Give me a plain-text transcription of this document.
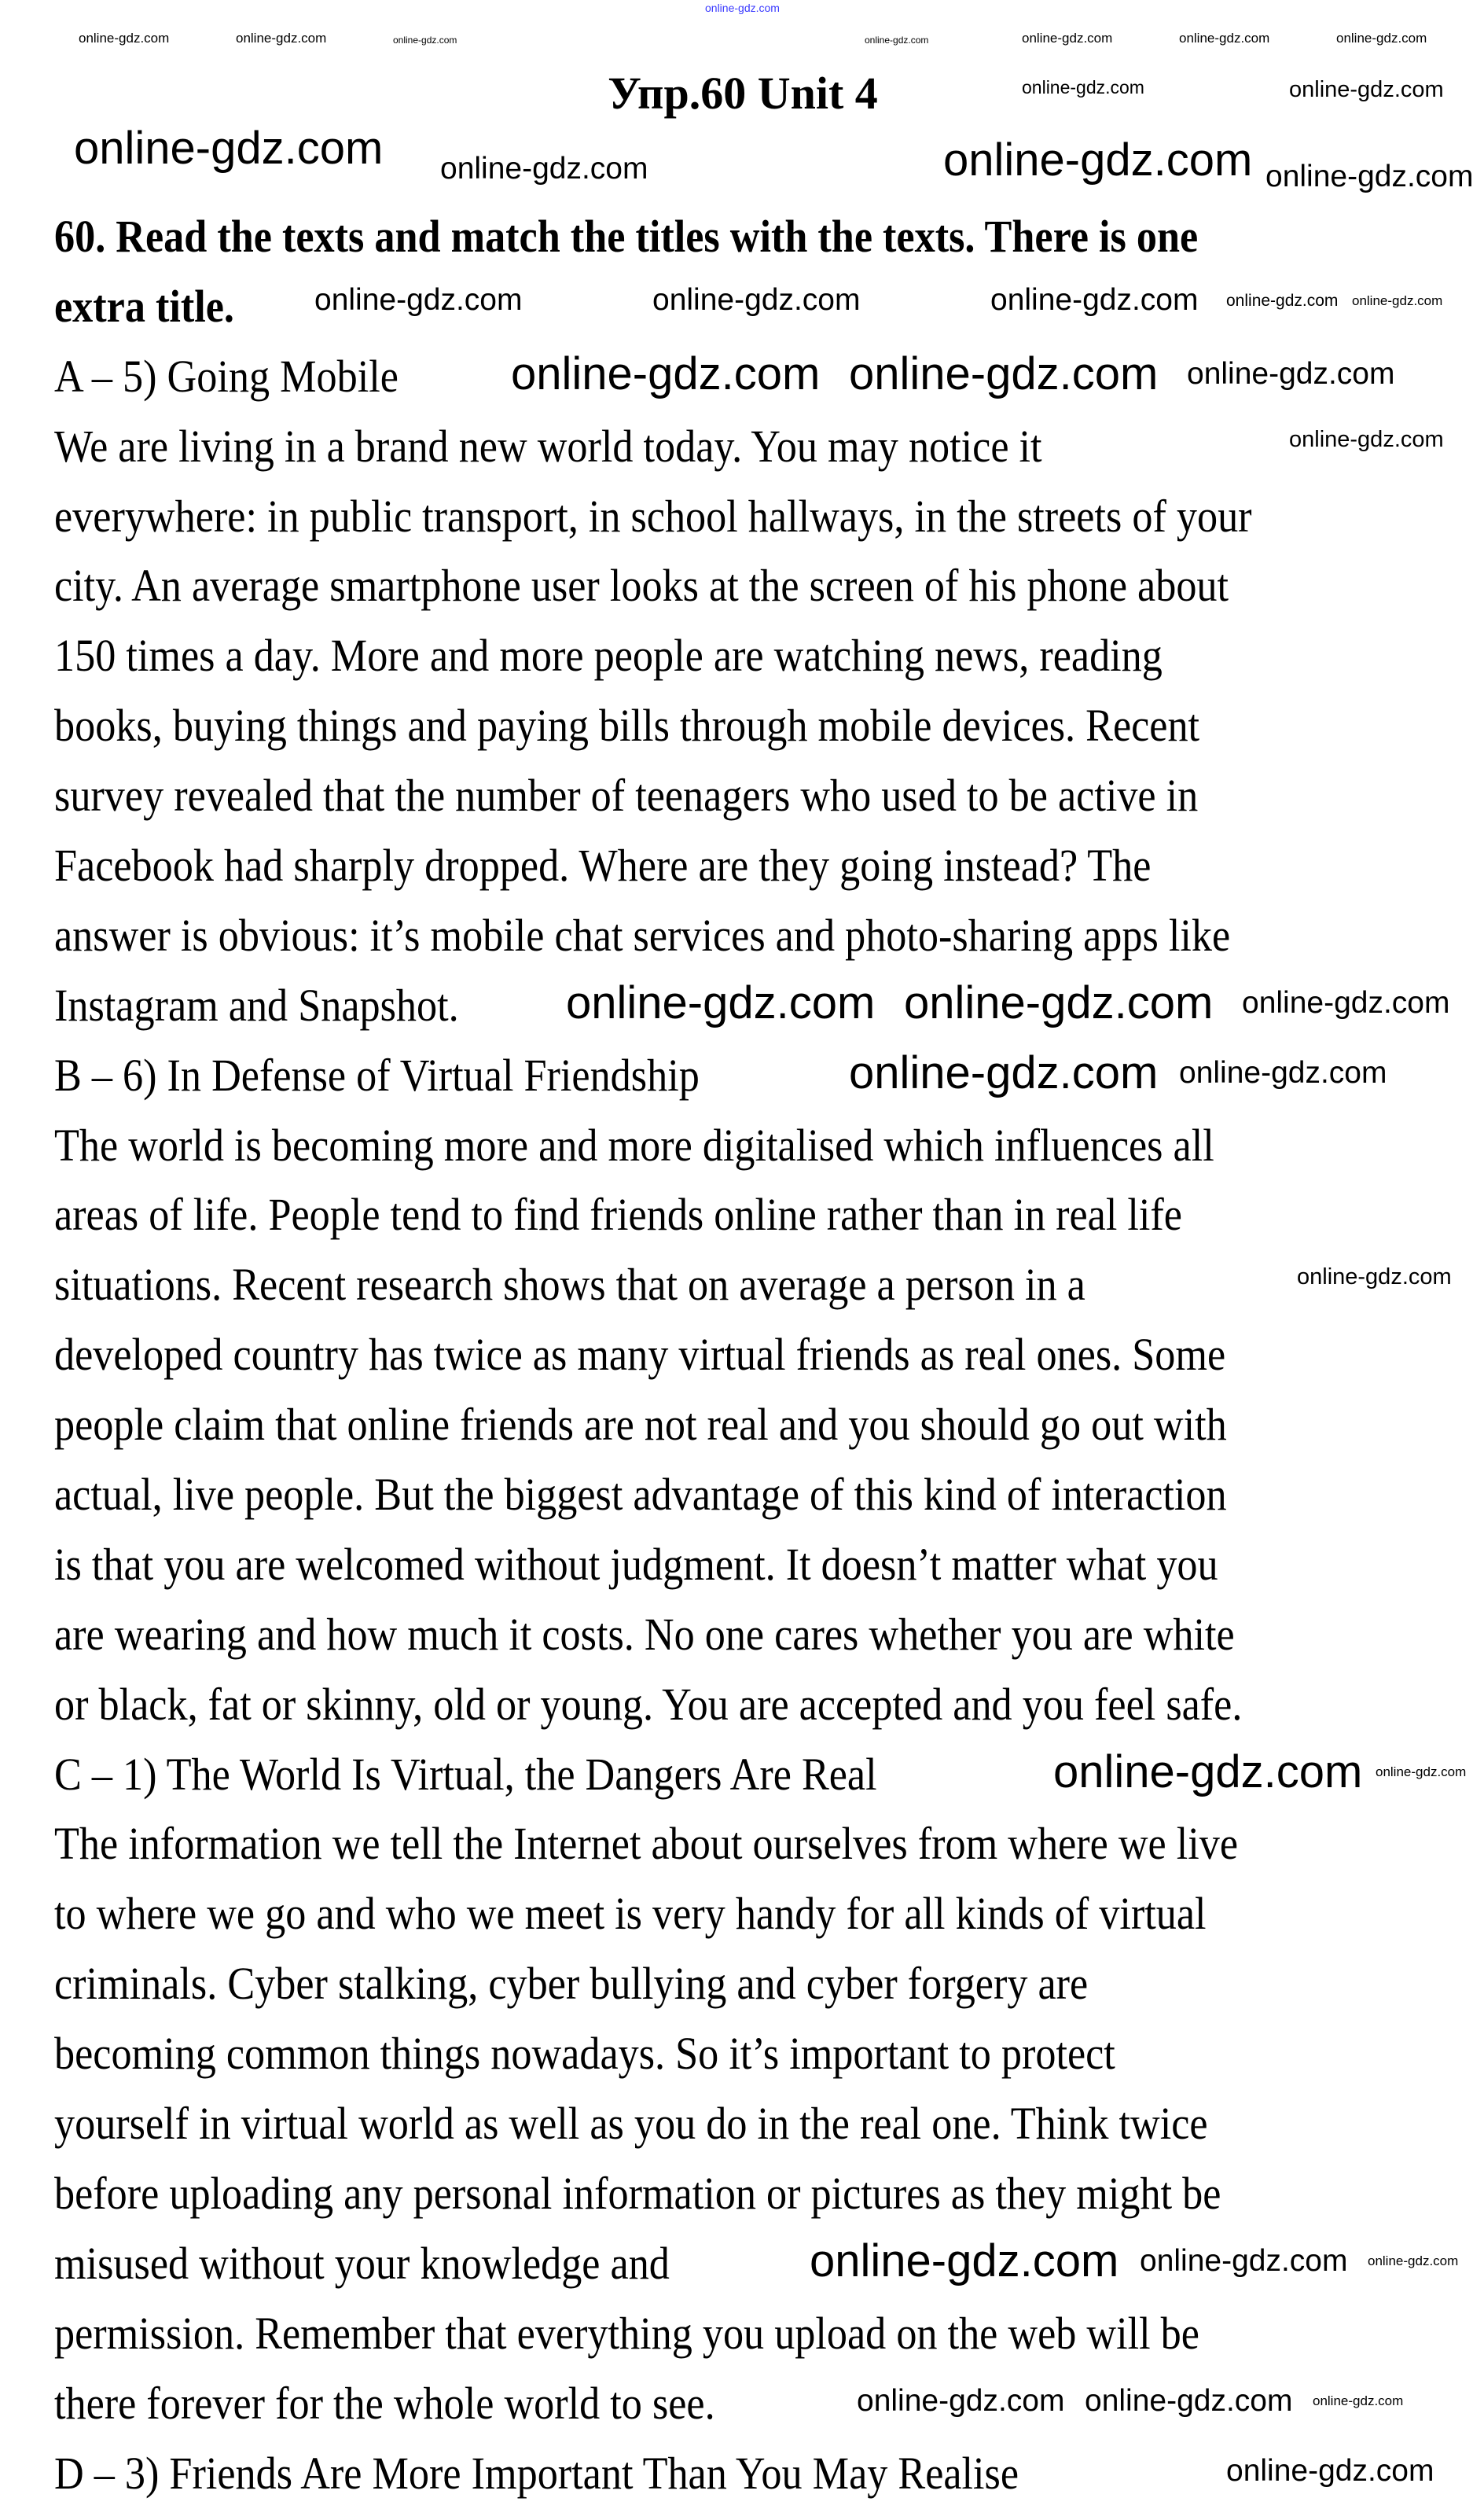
Упр.60 Unit 4
60. Read the texts and match the titles with the texts. There is one
extra title.
A – 5) Going Mobile
We are living in a brand new world today. You may notice it
everywhere: in public transport, in school hallways, in the streets of your
city. An average smartphone user looks at the screen of his phone about
150 times a day. More and more people are watching news, reading
books, buying things and paying bills through mobile devices. Recent
survey revealed that the number of teenagers who used to be active in
Facebook had sharply dropped. Where are they going instead? The
answer is obvious: it’s mobile chat services and photo-sharing apps like
Instagram and Snapshot.
B – 6) In Defense of Virtual Friendship
The world is becoming more and more digitalised which influences all
areas of life. People tend to find friends online rather than in real life
situations. Recent research shows that on average a person in a
developed country has twice as many virtual friends as real ones. Some
people claim that online friends are not real and you should go out with
actual, live people. But the biggest advantage of this kind of interaction
is that you are welcomed without judgment. It doesn’t matter what you
are wearing and how much it costs. No one cares whether you are white
or black, fat or skinny, old or young. You are accepted and you feel safe.
C – 1) The World Is Virtual, the Dangers Are Real
The information we tell the Internet about ourselves from where we live
to where we go and who we meet is very handy for all kinds of virtual
criminals. Cyber stalking, cyber bullying and cyber forgery are
becoming common things nowadays. So it’s important to protect
yourself in virtual world as well as you do in the real one. Think twice
before uploading any personal information or pictures as they might be
misused without your knowledge and
permission. Remember that everything you upload on the web will be
there forever for the whole world to see.
D – 3) Friends Are More Important Than You May Realise
online-gdz.com
online-gdz.com	online-gdz.com	online-gdz.com	online-gdz.com	online-gdz.com	online-gdz.com	online-gdz.com
online-gdz.com	online-gdz.com
online-gdz.com online-gdz.com	online-gdz.com online-gdz.com
online-gdz.com	online-gdz.com	online-gdz.com online-gdz.com online-gdz.com
online-gdz.com online-gdz.com online-gdz.com
online-gdz.com
online-gdz.com online-gdz.com online-gdz.com
online-gdz.com online-gdz.com
online-gdz.com
online-gdz.com online-gdz.com
online-gdz.com online-gdz.com online-gdz.com
online-gdz.com online-gdz.com online-gdz.com
online-gdz.com
